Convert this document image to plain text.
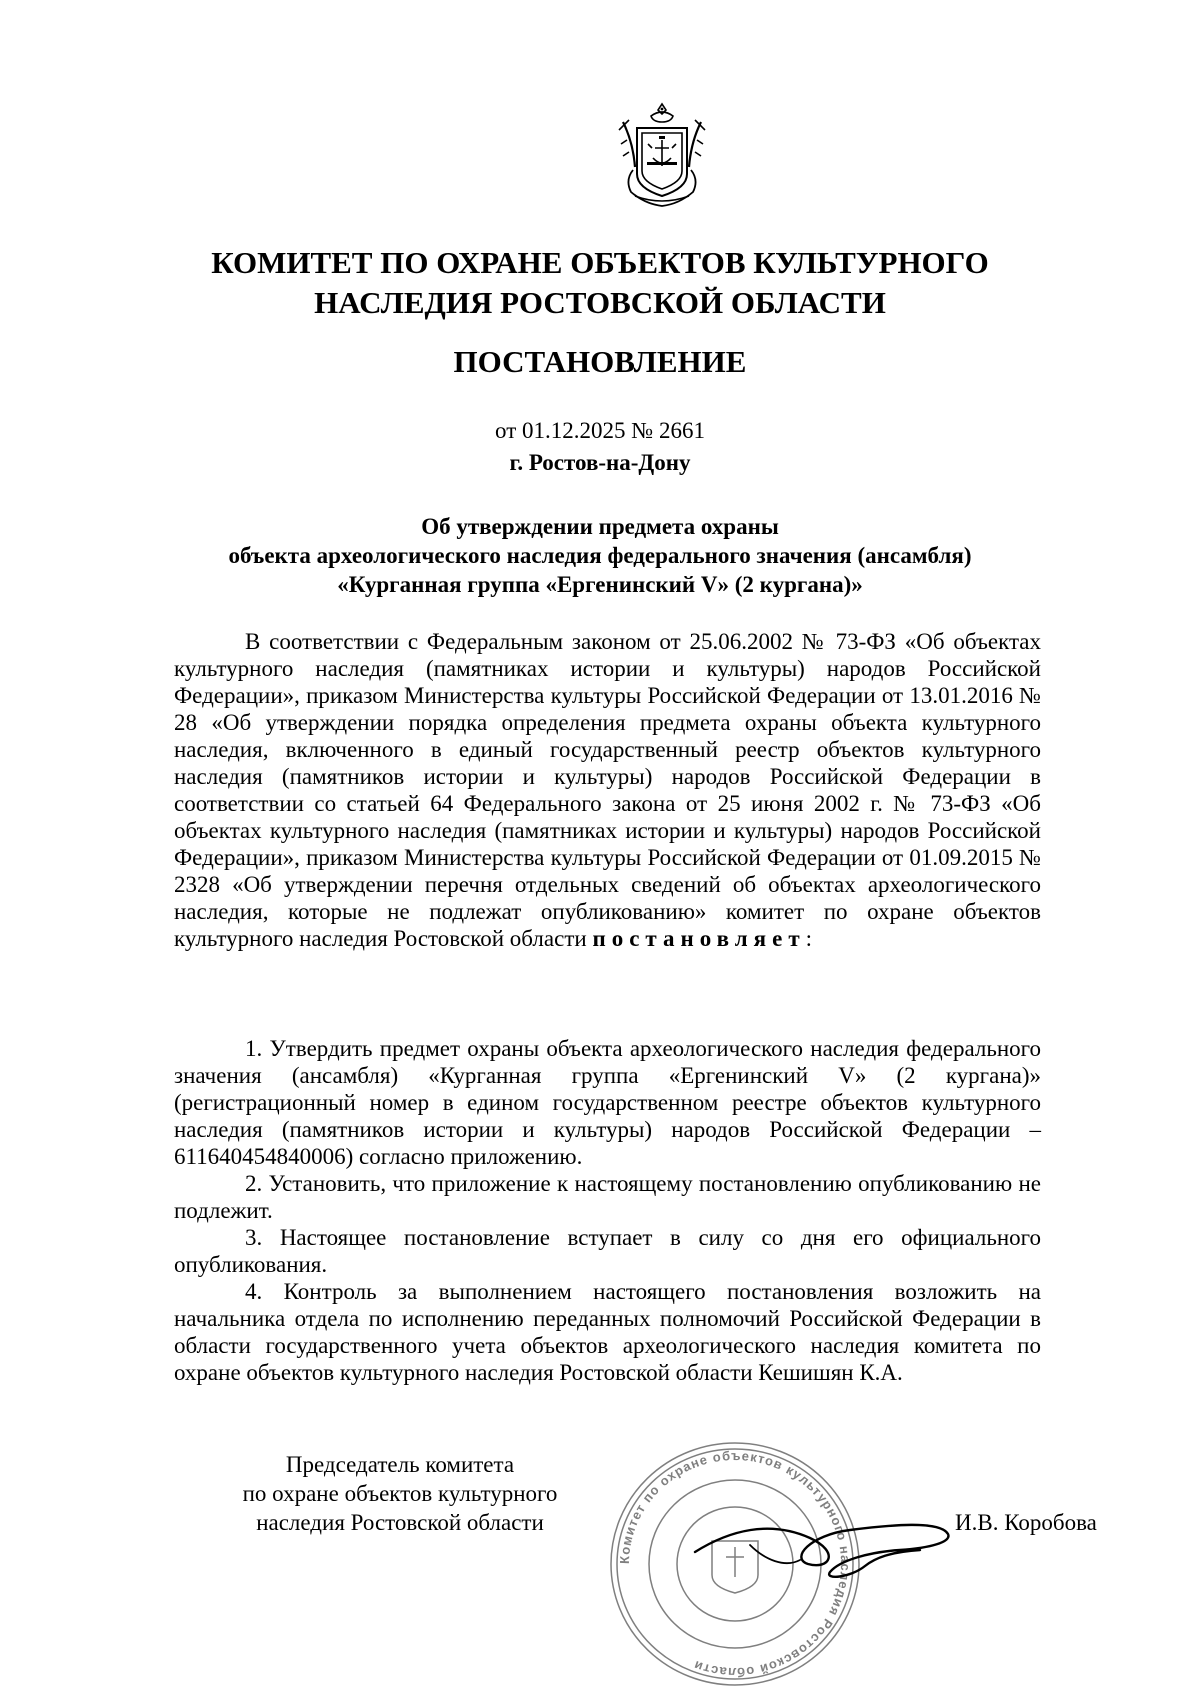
КОМИТЕТ ПО ОХРАНЕ ОБЪЕКТОВ КУЛЬТУРНОГО
НАСЛЕДИЯ РОСТОВСКОЙ ОБЛАСТИ
ПОСТАНОВЛЕНИЕ
от 01.12.2025 № 2661
г. Ростов-на-Дону
Об утверждении предмета охраны
объекта археологического наследия федерального значения (ансамбля)
«Курганная группа «Ергенинский V» (2 кургана)»

В соответствии с Федеральным законом от 25.06.2002 № 73-ФЗ «Об объектах культурного наследия (памятниках истории и культуры) народов Российской Федерации», приказом Министерства культуры Российской Федерации от 13.01.2016 № 28 «Об утверждении порядка определения предмета охраны объекта культурного наследия, включенного в единый государственный реестр объектов культурного наследия (памятников истории и культуры) народов Российской Федерации в соответствии со статьей 64 Федерального закона от 25 июня 2002 г. № 73-ФЗ «Об объектах культурного наследия (памятниках истории и культуры) народов Российской Федерации», приказом Министерства культуры Российской Федерации от 01.09.2015 № 2328 «Об утверждении перечня отдельных сведений об объектах археологического наследия, которые не подлежат опубликованию» комитет по охране объектов культурного наследия Ростовской области постановляет:

1. Утвердить предмет охраны объекта археологического наследия федерального значения (ансамбля) «Курганная группа «Ергенинский V» (2 кургана)» (регистрационный номер в едином государственном реестре объектов культурного наследия (памятников истории и культуры) народов Российской Федерации – 611640454840006) согласно приложению.

2. Установить, что приложение к настоящему постановлению опубликованию не подлежит.

3. Настоящее постановление вступает в силу со дня его официального опубликования.

4. Контроль за выполнением настоящего постановления возложить на начальника отдела по исполнению переданных полномочий Российской Федерации в области государственного учета объектов археологического наследия комитета по охране объектов культурного наследия Ростовской области Кешишян К.А.

Председатель комитета
по охране объектов культурного
наследия Ростовской области
Комитет по охране объектов культурного наследия Ростовской области
И.В. Коробова
